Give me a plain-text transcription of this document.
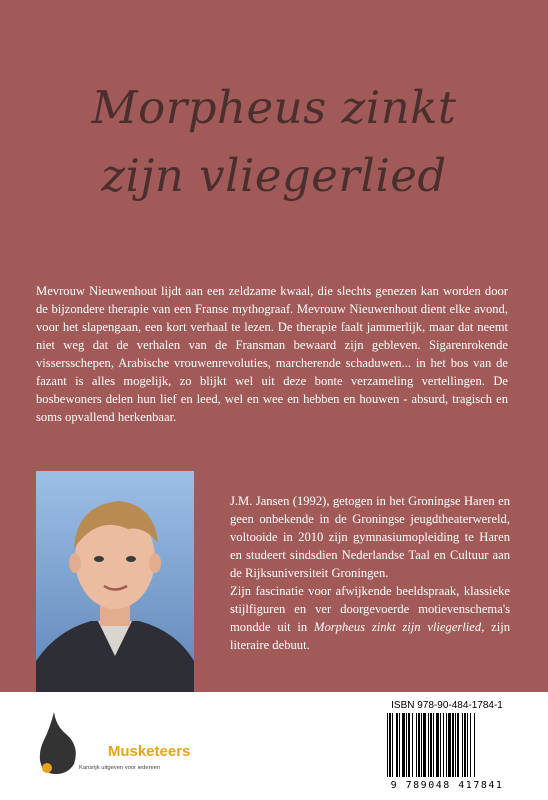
Morpheus zinkt
zijn vliegerlied

Mevrouw Nieuwenhout lijdt aan een zeldzame kwaal, die slechts genezen kan worden door de bijzondere therapie van een Franse mythograaf. Mevrouw Nieuwenhout dient elke avond, voor het slapengaan, een kort verhaal te lezen. De therapie faalt jammerlijk, maar dat neemt niet weg dat de verhalen van de Fransman bewaard zijn gebleven. Sigarenrokende vissersschepen, Arabische vrouwenrevoluties, marcherende schaduwen... in het bos van de fazant is alles mogelijk, zo blijkt wel uit deze bonte verzameling vertellingen. De bosbewoners delen hun lief en leed, wel en wee en hebben en houwen - absurd, tragisch en soms opvallend herkenbaar.

J.M. Jansen (1992), getogen in het Groningse Haren en geen onbekende in de Groningse jeugdtheaterwereld, voltooide in 2010 zijn gymnasiumopleiding te Haren en studeert sindsdien Nederlandse Taal en Cultuur aan de Rijksuniversiteit Groningen.

Zijn fascinatie voor afwijkende beeldspraak, klassieke stijlfiguren en ver doorgevoerde motievenschema's mondde uit in Morpheus zinkt zijn vliegerlied, zijn literaire debuut.

FreeMusketeers
Kansrijk uitgeven voor iedereen
ISBN 978-90-484-1784-1
9 789048 417841
